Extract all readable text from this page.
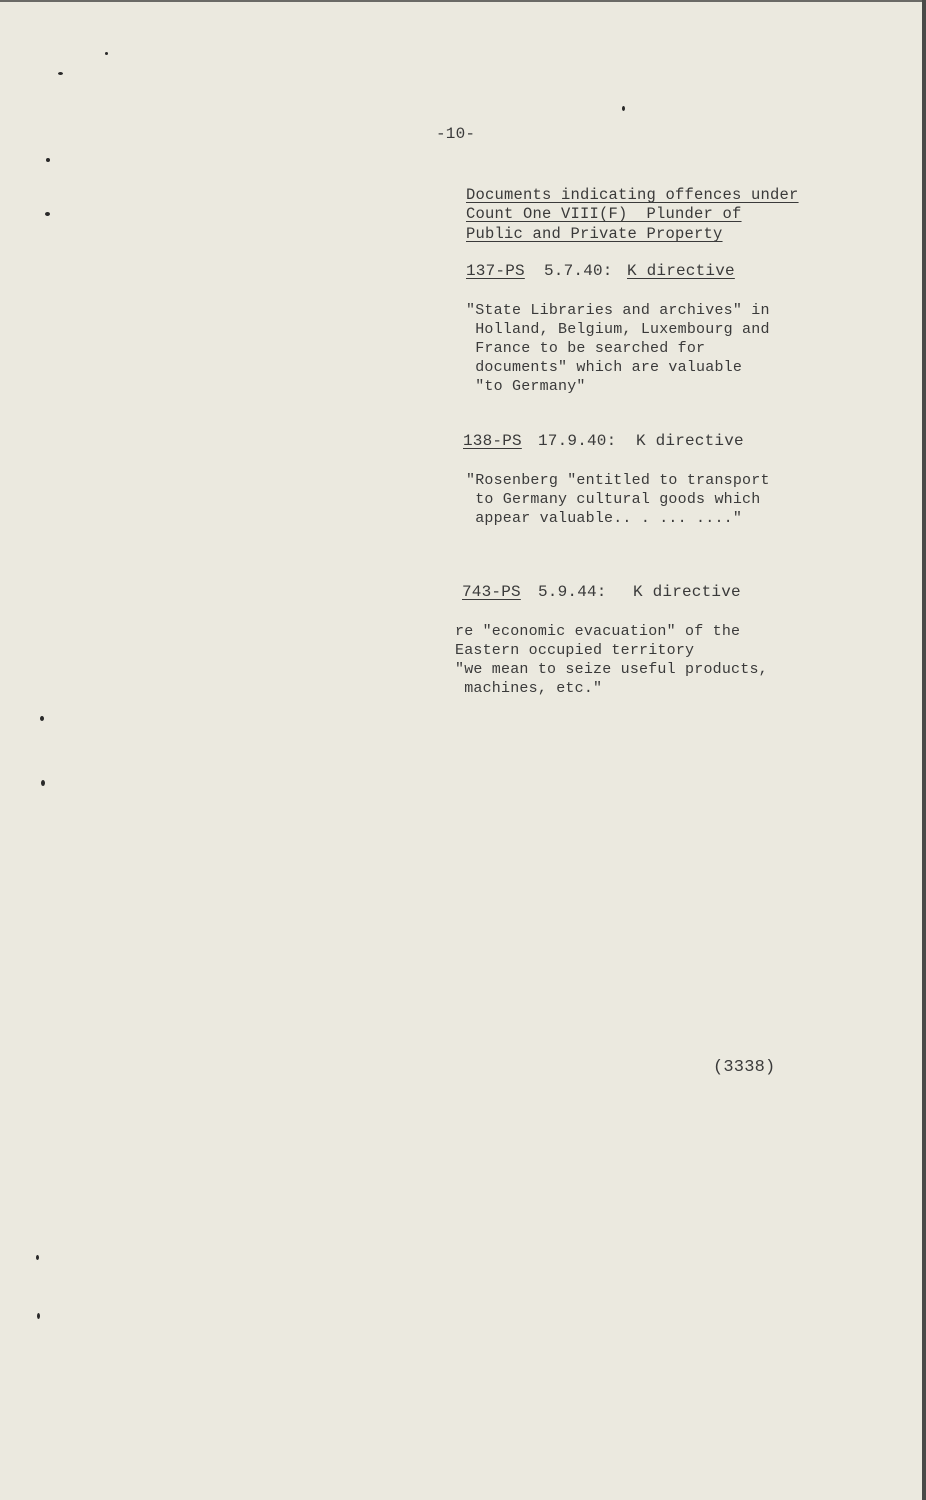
-10-
Documents indicating offences under
Count One VIII(F)  Plunder of
Public and Private Property
137-PS 5.7.40: K directive
"State Libraries and archives" in
Holland, Belgium, Luxembourg and
France to be searched for
documents" which are valuable
"to Germany"
138-PS 17.9.40: K directive
"Rosenberg "entitled to transport
to Germany cultural goods which
appear valuable.. . ... ...."
743-PS 5.9.44: K directive
re "economic evacuation" of the
Eastern occupied territory
"we mean to seize useful products,
machines, etc."
(3338)
